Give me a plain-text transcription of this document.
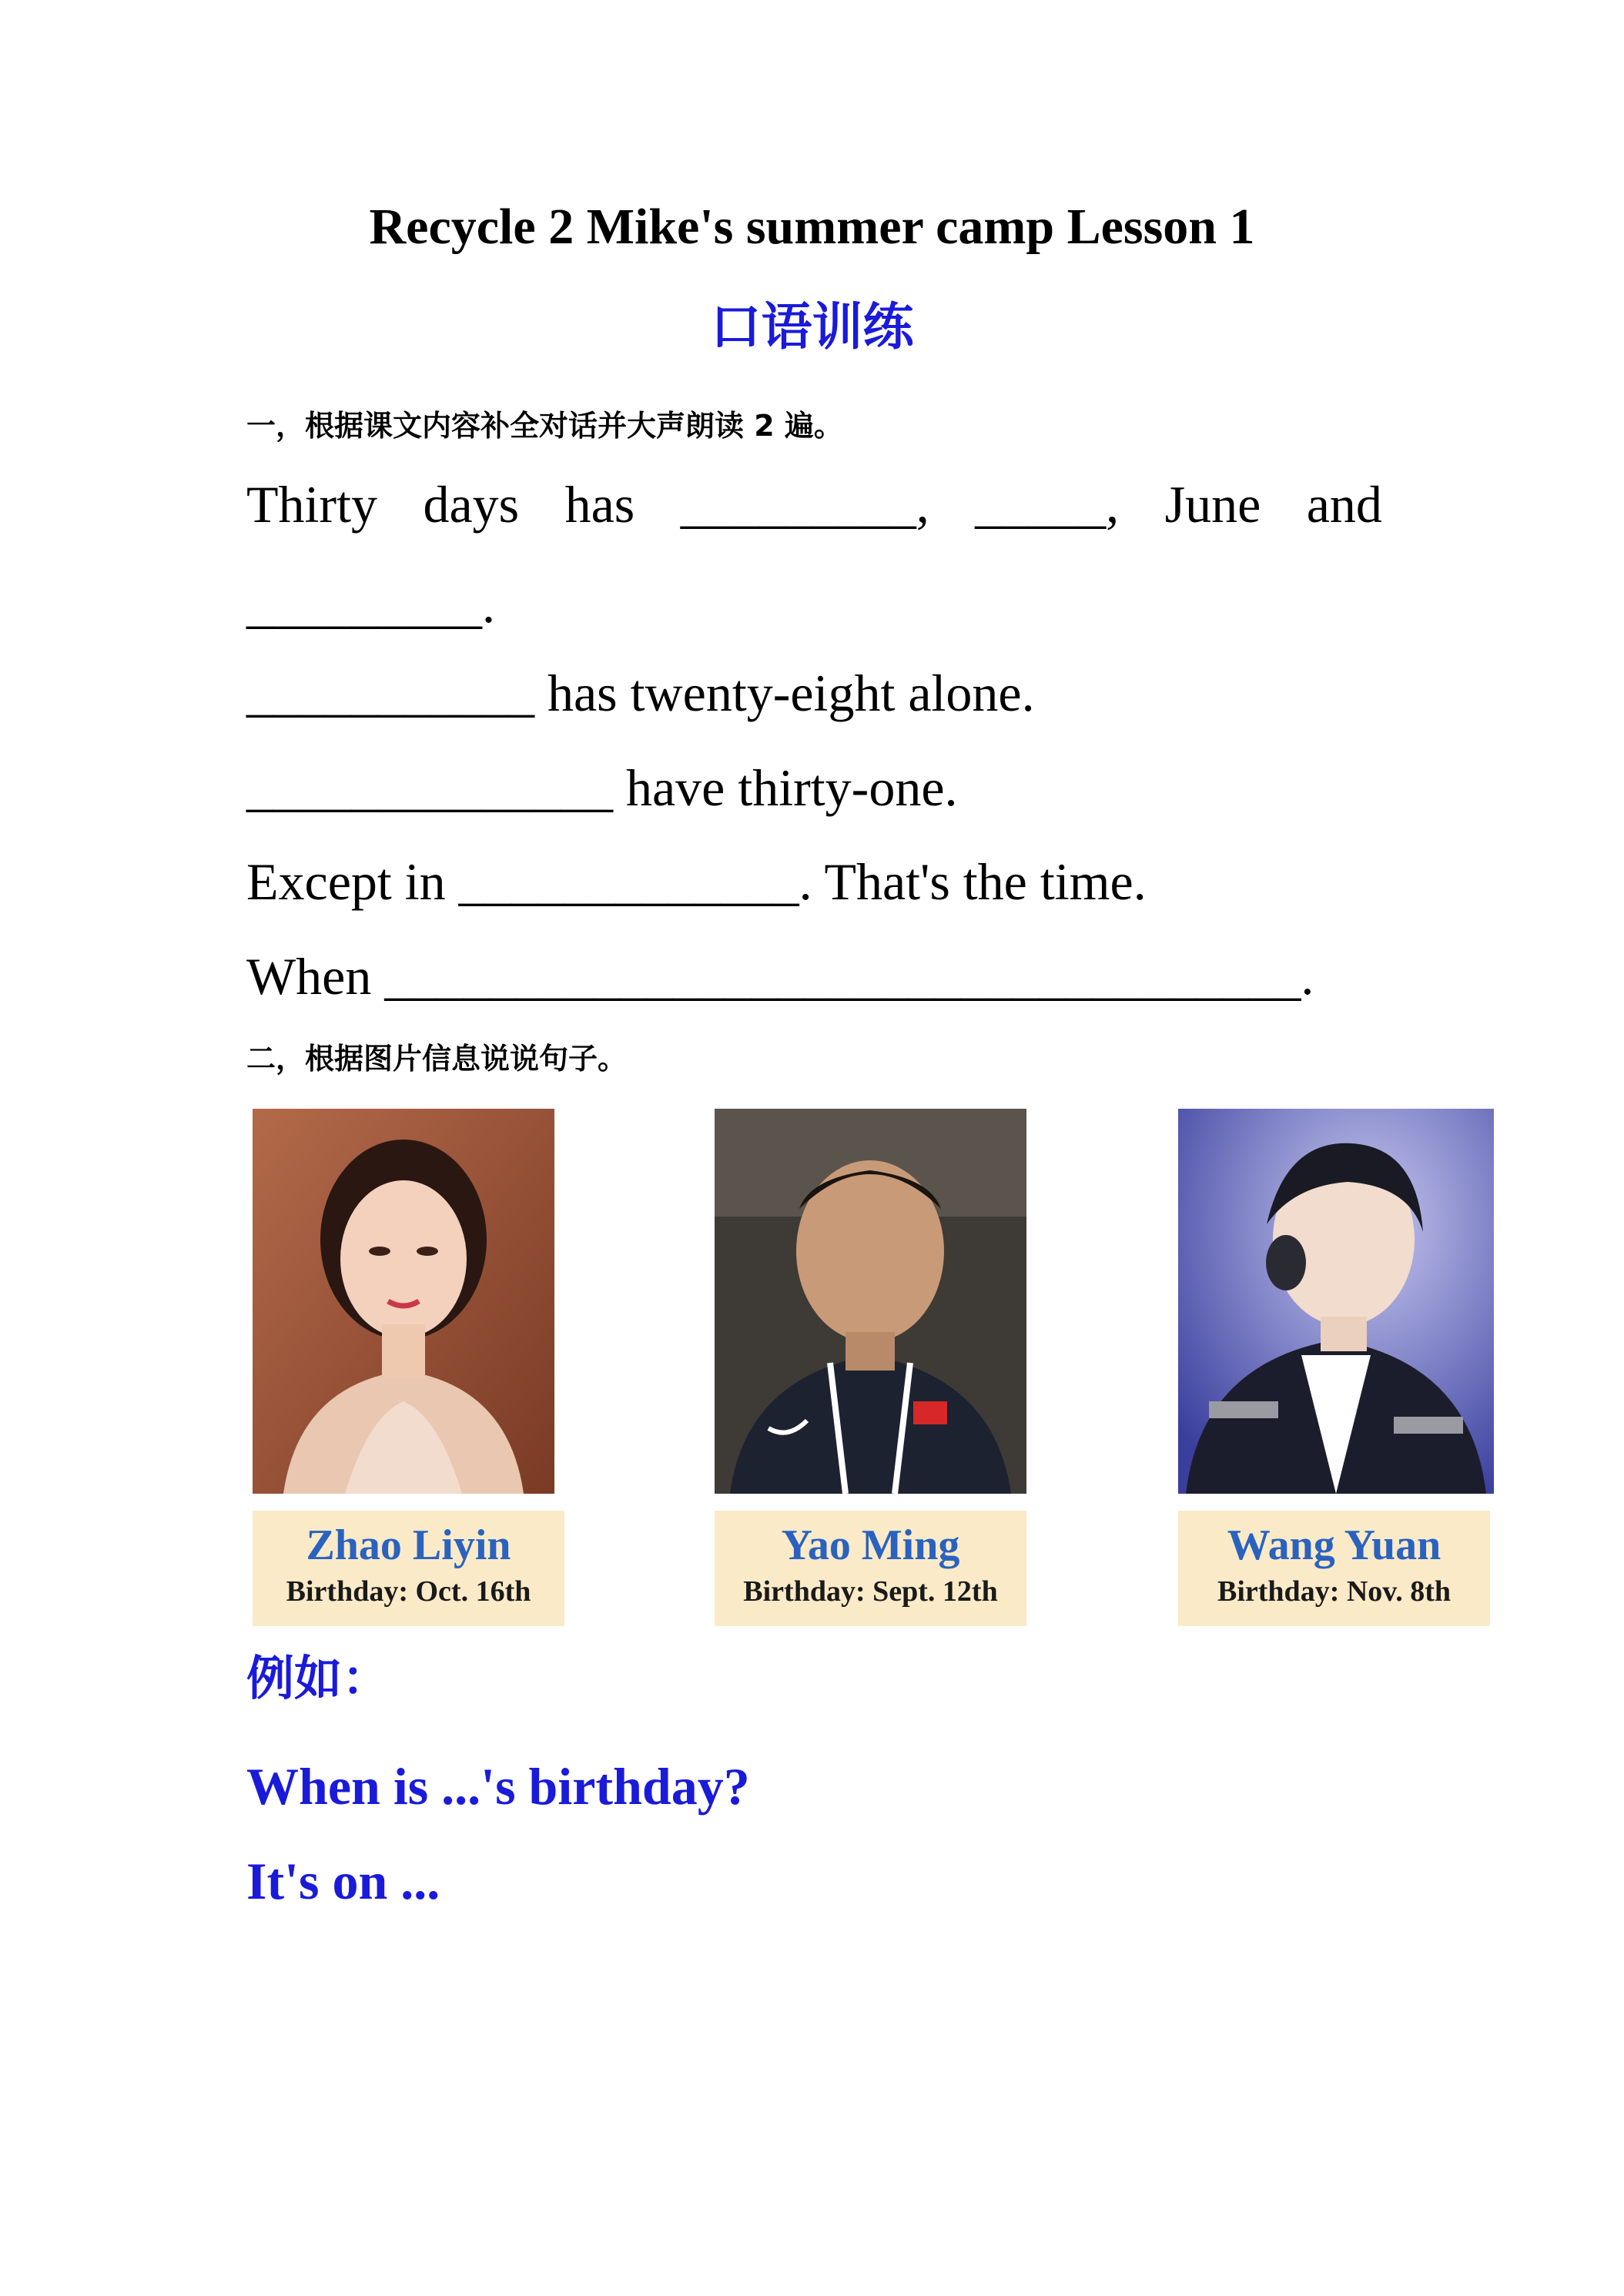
Recycle 2 Mike's summer camp Lesson 1
口语训练
一，根据课文内容补全对话并大声朗读 2 遍。
Thirty days has _________, _____, June and
_________.
___________ has twenty-eight alone.
______________ have thirty-one.
Except in _____________. That's the time.
When ___________________________________.
二，根据图片信息说说句子。
Zhao Liyin
Birthday: Oct. 16th
Yao Ming
Birthday: Sept. 12th
Wang Yuan
Birthday: Nov. 8th
例如：
When is ...'s birthday?
It's on ...
